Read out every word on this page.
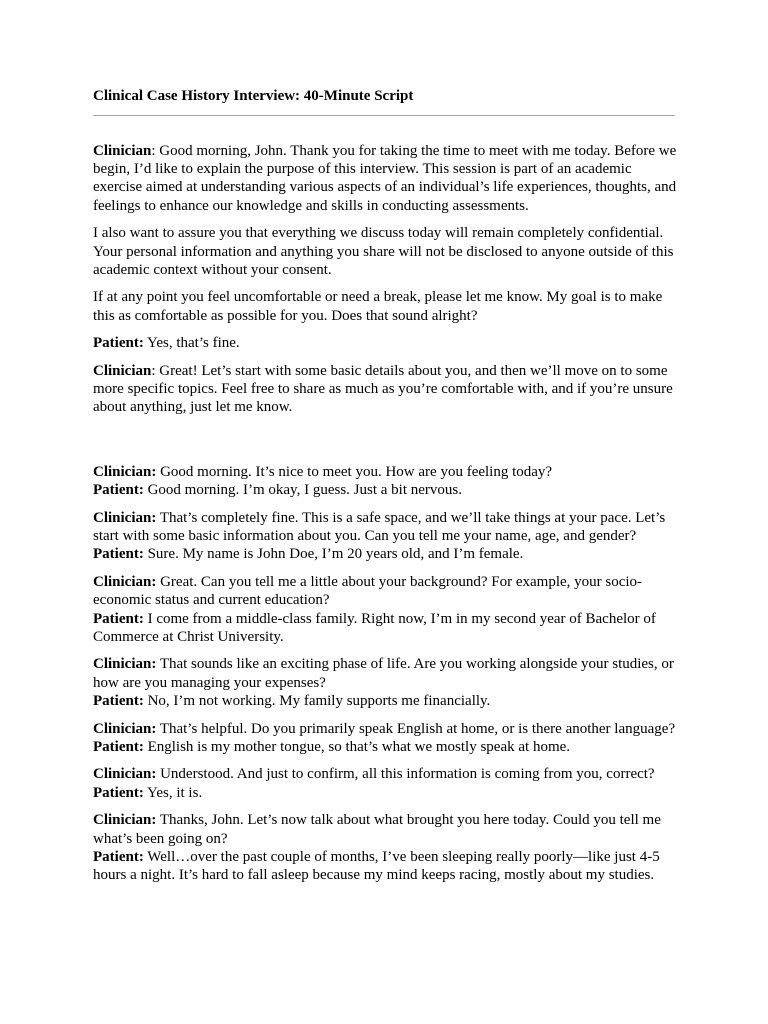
Clinical Case History Interview: 40-Minute Script

Clinician: Good morning, John. Thank you for taking the time to meet with me today. Before we begin, I’d like to explain the purpose of this interview. This session is part of an academic exercise aimed at understanding various aspects of an individual’s life experiences, thoughts, and feelings to enhance our knowledge and skills in conducting assessments.

I also want to assure you that everything we discuss today will remain completely confidential. Your personal information and anything you share will not be disclosed to anyone outside of this academic context without your consent.

If at any point you feel uncomfortable or need a break, please let me know. My goal is to make this as comfortable as possible for you. Does that sound alright?

Patient: Yes, that’s fine.

Clinician: Great! Let’s start with some basic details about you, and then we’ll move on to some more specific topics. Feel free to share as much as you’re comfortable with, and if you’re unsure about anything, just let me know.

Clinician: Good morning. It’s nice to meet you. How are you feeling today?
Patient: Good morning. I’m okay, I guess. Just a bit nervous.

Clinician: That’s completely fine. This is a safe space, and we’ll take things at your pace. Let’s start with some basic information about you. Can you tell me your name, age, and gender?
Patient: Sure. My name is John Doe, I’m 20 years old, and I’m female.

Clinician: Great. Can you tell me a little about your background? For example, your socio-economic status and current education?
Patient: I come from a middle-class family. Right now, I’m in my second year of Bachelor of Commerce at Christ University.

Clinician: That sounds like an exciting phase of life. Are you working alongside your studies, or how are you managing your expenses?
Patient: No, I’m not working. My family supports me financially.

Clinician: That’s helpful. Do you primarily speak English at home, or is there another language?
Patient: English is my mother tongue, so that’s what we mostly speak at home.

Clinician: Understood. And just to confirm, all this information is coming from you, correct?
Patient: Yes, it is.

Clinician: Thanks, John. Let’s now talk about what brought you here today. Could you tell me what’s been going on?
Patient: Well…over the past couple of months, I’ve been sleeping really poorly—like just 4-5 hours a night. It’s hard to fall asleep because my mind keeps racing, mostly about my studies.
